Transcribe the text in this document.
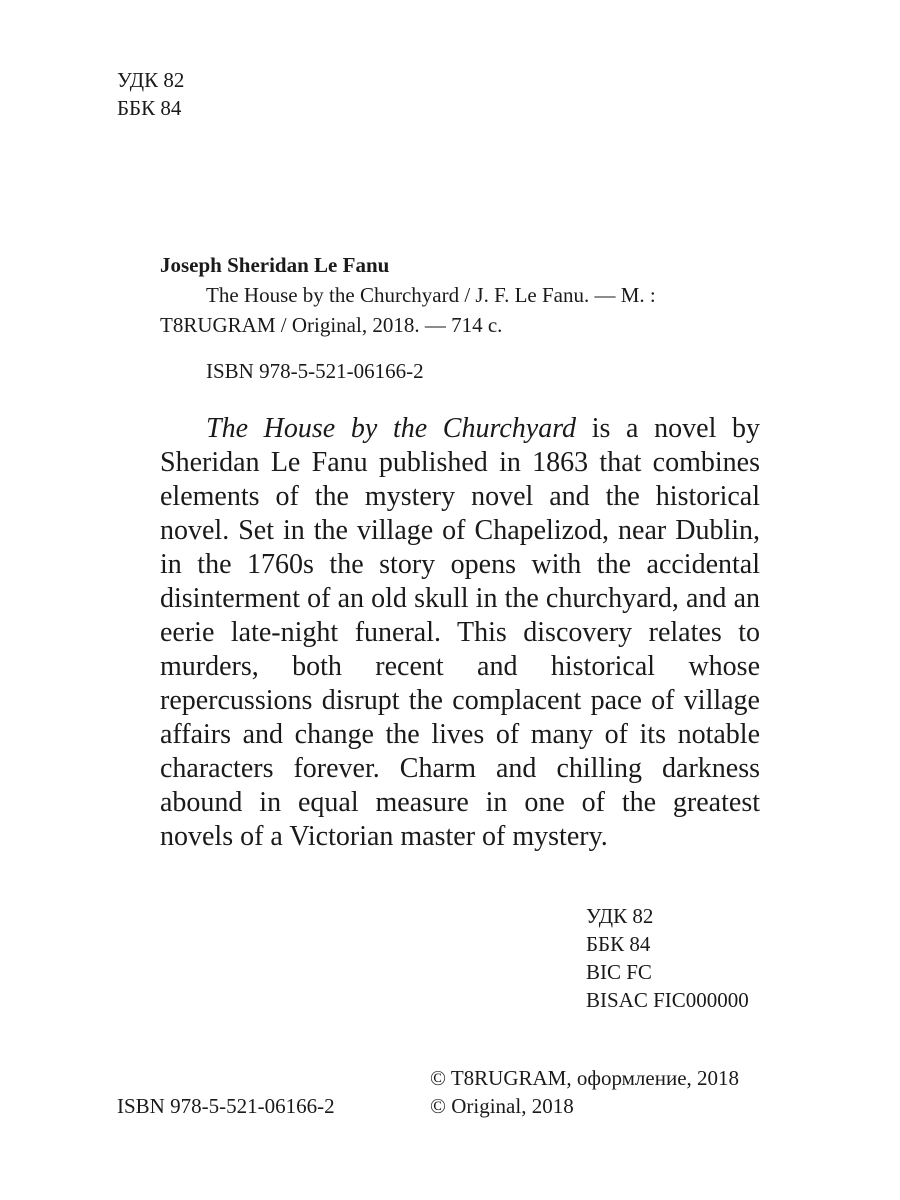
УДК 82
ББК 84
Joseph Sheridan Le Fanu
The House by the Churchyard / J. F. Le Fanu. — M. :
T8RUGRAM / Original, 2018. — 714 c.
ISBN 978-5-521-06166-2
The House by the Churchyard is a novel by Sheridan Le Fanu published in 1863 that combines elements of the mystery novel and the historical novel. Set in the village of Chapelizod, near Dublin, in the 1760s the story opens with the accidental disinterment of an old skull in the churchyard, and an eerie late-night funeral. This discovery relates to murders, both recent and historical whose repercussions disrupt the complacent pace of village affairs and change the lives of many of its notable characters forever. Charm and chilling darkness abound in equal measure in one of the greatest novels of a Victorian master of mystery.
УДК 82
ББК 84
BIC FC
BISAC FIC000000
© T8RUGRAM, оформление, 2018
© Original, 2018
ISBN 978-5-521-06166-2
